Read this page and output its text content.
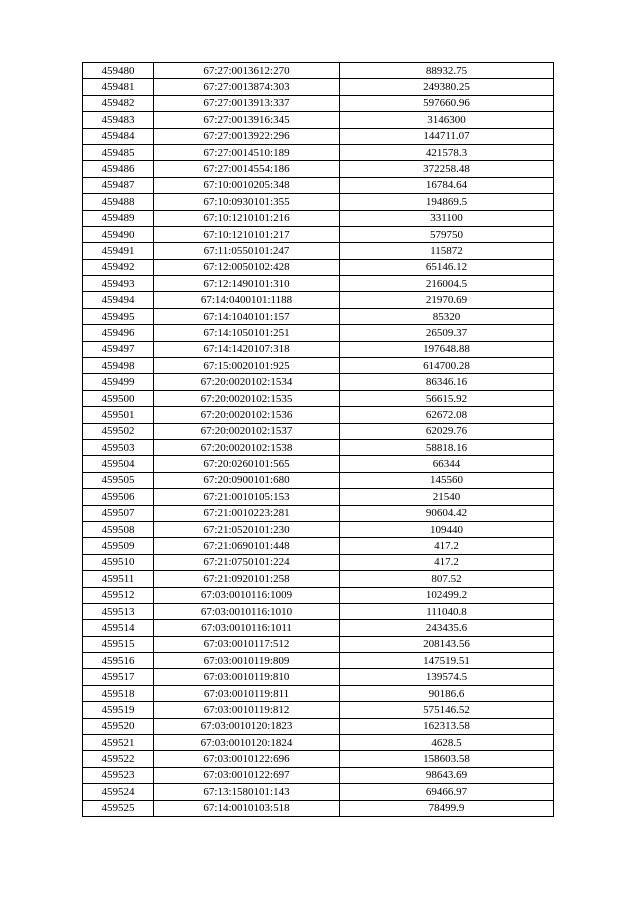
459480	67:27:0013612:270	88932.75
459481	67:27:0013874:303	249380.25
459482	67:27:0013913:337	597660.96
459483	67:27:0013916:345	3146300
459484	67:27:0013922:296	144711.07
459485	67:27:0014510:189	421578.3
459486	67:27:0014554:186	372258.48
459487	67:10:0010205:348	16784.64
459488	67:10:0930101:355	194869.5
459489	67:10:1210101:216	331100
459490	67:10:1210101:217	579750
459491	67:11:0550101:247	115872
459492	67:12:0050102:428	65146.12
459493	67:12:1490101:310	216004.5
459494	67:14:0400101:1188	21970.69
459495	67:14:1040101:157	85320
459496	67:14:1050101:251	26509.37
459497	67:14:1420107:318	197648.88
459498	67:15:0020101:925	614700.28
459499	67:20:0020102:1534	86346.16
459500	67:20:0020102:1535	56615.92
459501	67:20:0020102:1536	62672.08
459502	67:20:0020102:1537	62029.76
459503	67:20:0020102:1538	58818.16
459504	67:20:0260101:565	66344
459505	67:20:0900101:680	145560
459506	67:21:0010105:153	21540
459507	67:21:0010223:281	90604.42
459508	67:21:0520101:230	109440
459509	67:21:0690101:448	417.2
459510	67:21:0750101:224	417.2
459511	67:21:0920101:258	807.52
459512	67:03:0010116:1009	102499.2
459513	67:03:0010116:1010	111040.8
459514	67:03:0010116:1011	243435.6
459515	67:03:0010117:512	208143.56
459516	67:03:0010119:809	147519.51
459517	67:03:0010119:810	139574.5
459518	67:03:0010119:811	90186.6
459519	67:03:0010119:812	575146.52
459520	67:03:0010120:1823	162313.58
459521	67:03:0010120:1824	4628.5
459522	67:03:0010122:696	158603.58
459523	67:03:0010122:697	98643.69
459524	67:13:1580101:143	69466.97
459525	67:14:0010103:518	78499.9
